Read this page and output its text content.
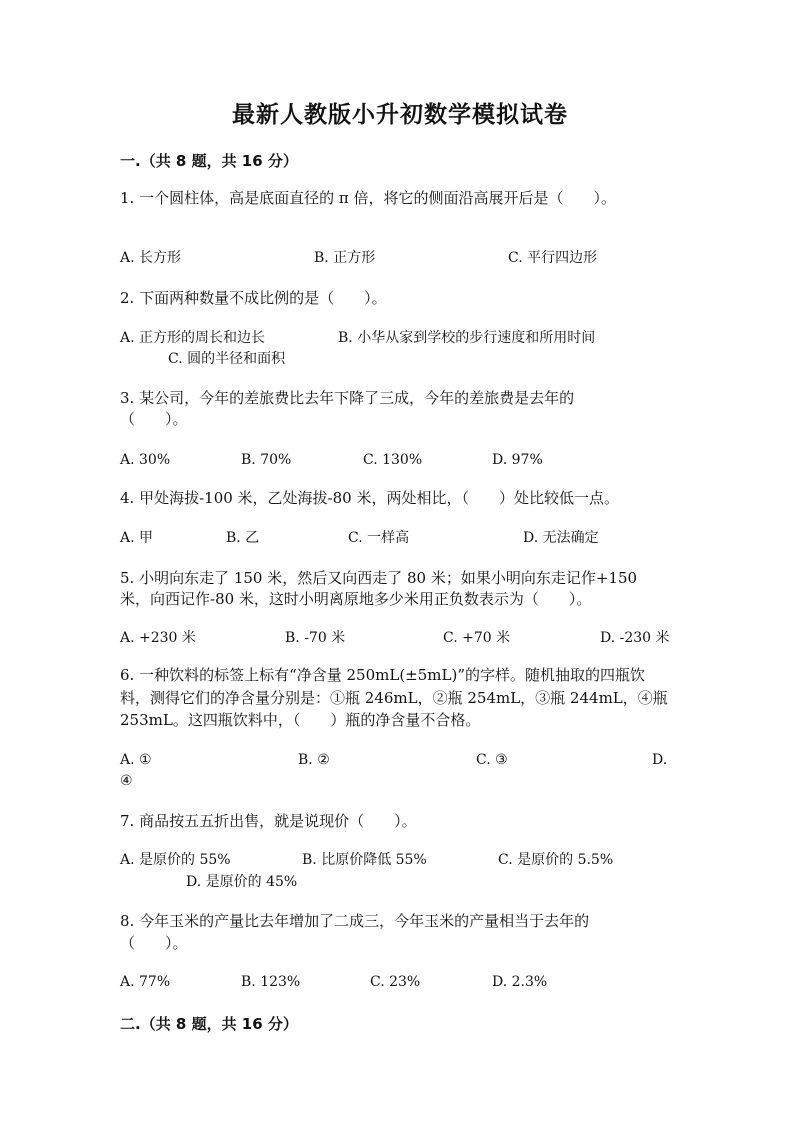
最新人教版小升初数学模拟试卷
一.（共 8 题，共 16 分）
1. 一个圆柱体，高是底面直径的 π 倍，将它的侧面沿高展开后是（　　）。
A. 长方形	B. 正方形	C. 平行四边形
2. 下面两种数量不成比例的是（　　）。
A. 正方形的周长和边长	B. 小华从家到学校的步行速度和所用时间
C. 圆的半径和面积
3. 某公司，今年的差旅费比去年下降了三成，今年的差旅费是去年的
（　　）。
A. 30%	B. 70%	C. 130%	D. 97%
4. 甲处海拔-100 米，乙处海拔-80 米，两处相比，（　　）处比较低一点。
A. 甲	B. 乙	C. 一样高	D. 无法确定
5. 小明向东走了 150 米，然后又向西走了 80 米；如果小明向东走记作+150
米，向西记作-80 米，这时小明离原地多少米用正负数表示为（　　）。
A. +230 米	B. -70 米	C. +70 米	D. -230 米
6. 一种饮料的标签上标有“净含量 250mL(±5mL)”的字样。随机抽取的四瓶饮
料，测得它们的净含量分别是：①瓶 246mL，②瓶 254mL，③瓶 244mL，④瓶
253mL。这四瓶饮料中，（　　）瓶的净含量不合格。
A. ①	B. ②	C. ③	D.
④
7. 商品按五五折出售，就是说现价（　　）。
A. 是原价的 55%	B. 比原价降低 55%	C. 是原价的 5.5%
D. 是原价的 45%
8. 今年玉米的产量比去年增加了二成三，今年玉米的产量相当于去年的
（　　）。
A. 77%	B. 123%	C. 23%	D. 2.3%
二.（共 8 题，共 16 分）
